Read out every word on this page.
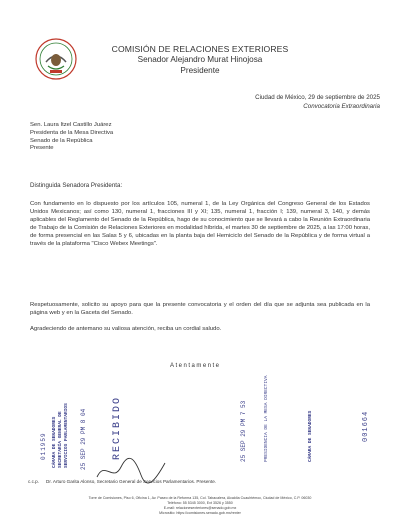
COMISIÓN DE RELACIONES EXTERIORES
Senador Alejandro Murat Hinojosa
Presidente
Ciudad de México, 29 de septiembre de 2025
Convocatoria Extraordinaria
Sen. Laura Itzel Castillo Juárez
Presidenta de la Mesa Directiva
Senado de la República
Presente
Distinguida Senadora Presidenta:
Con fundamento en lo dispuesto por los artículos 105, numeral 1, de la Ley Orgánica del Congreso General de los Estados Unidos Mexicanos; así como 130, numeral 1, fracciones III y XI; 135, numeral 1, fracción I; 139, numeral 3, 140, y demás aplicables del Reglamento del Senado de la República, hago de su conocimiento que se llevará a cabo la Reunión Extraordinaria de Trabajo de la Comisión de Relaciones Exteriores en modalidad híbrida, el martes 30 de septiembre de 2025, a las 17:00 horas, de forma presencial en las Salas 5 y 6, ubicadas en la planta baja del Hemiciclo del Senado de la República y de forma virtual a través de la plataforma "Cisco Webex Meetings".
Respetuosamente, solicito su apoyo para que la presente convocatoria y el orden del día que se adjunta sea publicada en la página web y en la Gaceta del Senado.
Agradeciendo de antemano su valiosa atención, reciba un cordial saludo.
Atentamente
011959 CÁMARA DE SENADORES SECRETARÍA GENERAL DE SERVICIOS PARLAMENTARIOS 25 SEP 29 PM 8 04	RECIBIDO	25 SEP 29 PM 7 53	PRESIDENCIA DE LA MESA DIRECTIVA	CÁMARA DE SENADORES	001664
c.c.p. Dr. Arturo Garita Alonso, Secretario General de Servicios Parlamentarios. Presente.
Torre de Comisiones, Piso 6, Oficina 1, Av. Paseo de la Reforma 135, Col. Tabacalera, Alcaldía Cuauhtémoc, Ciudad de México, C.P. 06030
Teléfono: 55 5345 3000, Ext 3526 y 3550
E-mail: relacionesexteriores@senado.gob.mx
Micrositio: https://comisiones.senado.gob.mx/rexter
